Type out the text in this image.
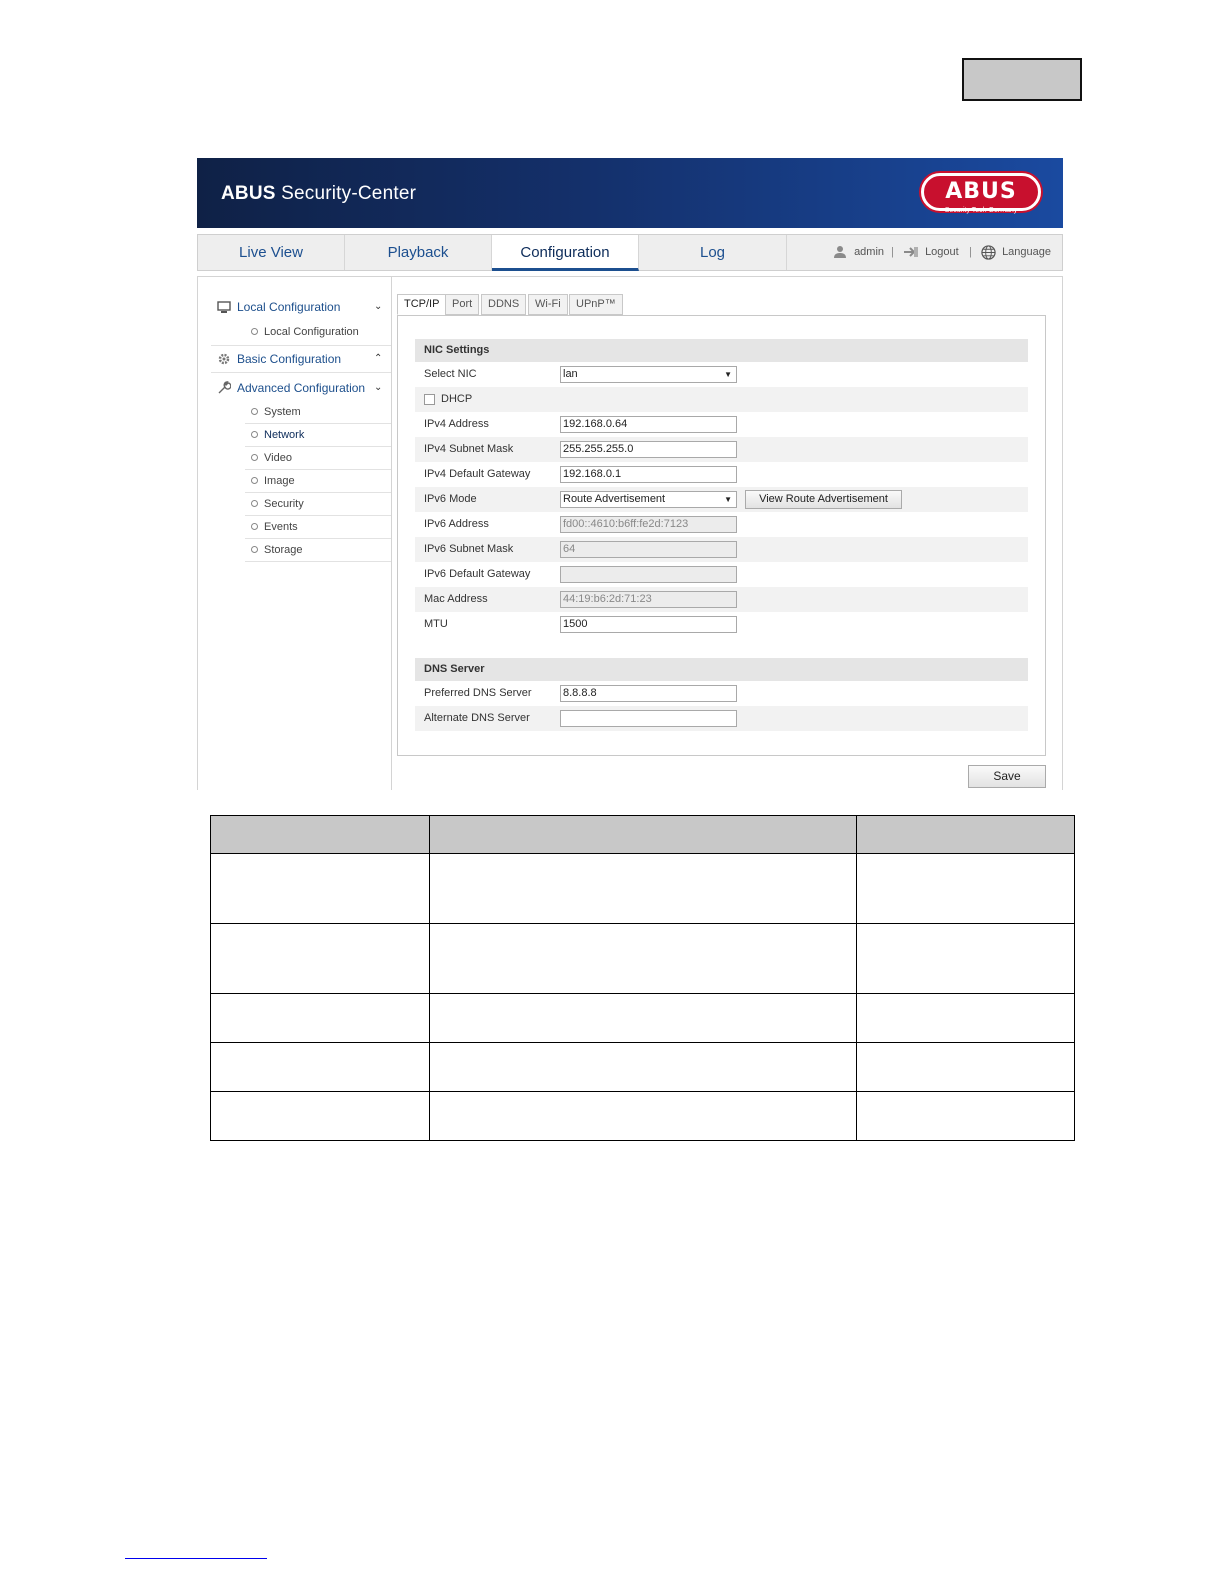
ABUS Security-Center	ABUS
Security Tech Germany
Live View	Playback	Configuration	Log	admin |	Logout |	Language
Local Configuration	⌄
Local Configuration
Basic Configuration	⌃
Advanced Configuration ⌄
System
Network
Video
Image
Security
Events
Storage
TCP/IP	Port	DDNS	Wi-Fi	UPnP™
NIC Settings
Select NIC	lan ▼
DHCP
IPv4 Address	192.168.0.64
IPv4 Subnet Mask	255.255.255.0
IPv4 Default Gateway	192.168.0.1
IPv6 Mode	Route Advertisement ▼	View Route Advertisement
IPv6 Address	fd00::4610:b6ff:fe2d:7123
IPv6 Subnet Mask	64
IPv6 Default Gateway
Mac Address	44:19:b6:2d:71:23
MTU	1500
DNS Server
Preferred DNS Server	8.8.8.8
Alternate DNS Server
Save
